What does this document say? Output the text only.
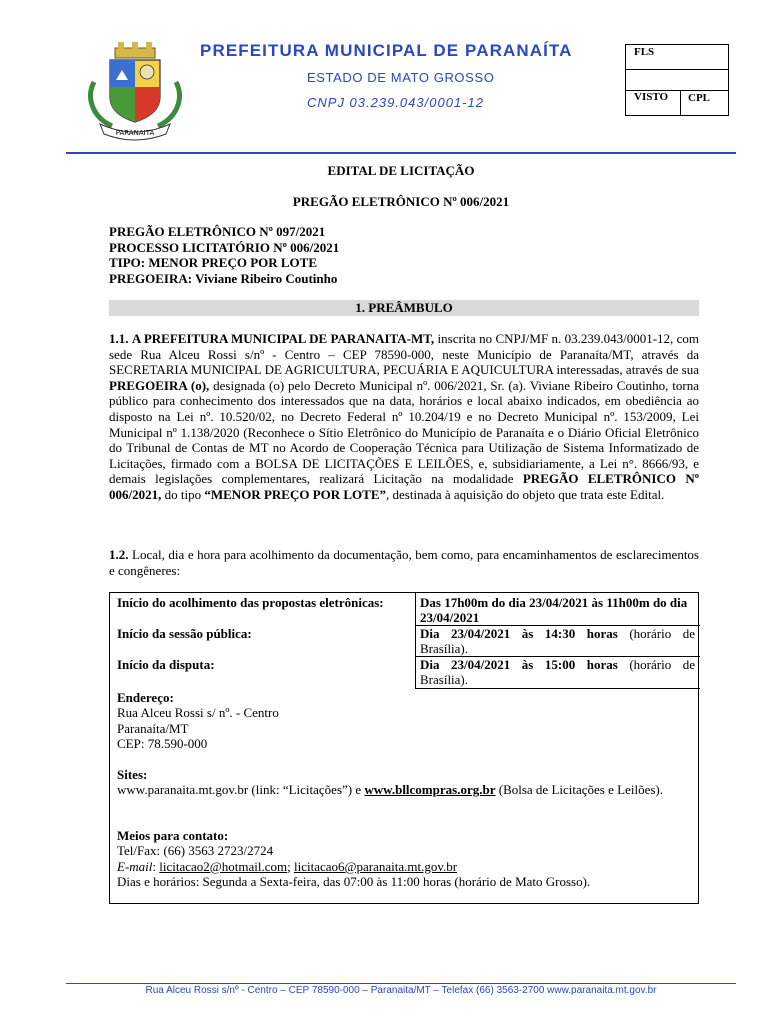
PARANAITA
PREFEITURA MUNICIPAL DE PARANAÍTA
ESTADO DE MATO GROSSO
CNPJ 03.239.043/0001-12
FLS
VISTO	CPL
EDITAL DE LICITAÇÃO
PREGÃO ELETRÔNICO Nº 006/2021
PREGÃO ELETRÔNICO Nº 097/2021
PROCESSO LICITATÓRIO Nº 006/2021
TIPO: MENOR PREÇO POR LOTE
PREGOEIRA: Viviane Ribeiro Coutinho
1. PREÂMBULO
1.1. A PREFEITURA MUNICIPAL DE PARANAITA-MT, inscrita no CNPJ/MF n. 03.239.043/0001-12, com sede Rua Alceu Rossi s/nº - Centro – CEP 78590-000, neste Município de Paranaíta/MT, através da SECRETARIA MUNICIPAL DE AGRICULTURA, PECUÁRIA E AQUICULTURA interessadas, através de sua PREGOEIRA (o), designada (o) pelo Decreto Municipal nº. 006/2021, Sr. (a). Viviane Ribeiro Coutinho, torna público para conhecimento dos interessados que na data, horários e local abaixo indicados, em obediência ao disposto na Lei nº. 10.520/02, no Decreto Federal nº 10.204/19 e no Decreto Municipal nº. 153/2009, Lei Municipal nº 1.138/2020 (Reconhece o Sítio Eletrônico do Município de Paranaíta e o Diário Oficial Eletrônico do Tribunal de Contas de MT no Acordo de Cooperação Técnica para Utilização de Sistema Informatizado de Licitações, firmado com a BOLSA DE LICITAÇÕES E LEILÕES, e, subsidiariamente, a Lei n°. 8666/93, e demais legislações complementares, realizará Licitação na modalidade PREGÃO ELETRÔNICO Nº 006/2021, do tipo “MENOR PREÇO POR LOTE”, destinada à aquisição do objeto que trata este Edital.
1.2. Local, dia e hora para acolhimento da documentação, bem como, para encaminhamentos de esclarecimentos e congêneres:
Início do acolhimento das propostas eletrônicas:	Das 17h00m do dia 23/04/2021 às 11h00m do dia 23/04/2021
Início da sessão pública:	Dia 23/04/2021 às 14:30 horas (horário de Brasília).
Início da disputa:	Dia 23/04/2021 às 15:00 horas (horário de Brasília).
Endereço:
Rua Alceu Rossi s/ nº. - Centro
Paranaíta/MT
CEP: 78.590-000
Sites:
www.paranaita.mt.gov.br (link: “Licitações”) e www.bllcompras.org.br (Bolsa de Licitações e Leilões).
Meios para contato:
Tel/Fax: (66) 3563 2723/2724
E-mail: licitacao2@hotmail.com; licitacao6@paranaita.mt.gov.br
Dias e horários: Segunda a Sexta-feira, das 07:00 às 11:00 horas (horário de Mato Grosso).
Rua Alceu Rossi s/nº - Centro – CEP 78590-000 – Paranaita/MT – Telefax (66) 3563-2700 www.paranaita.mt.gov.br
